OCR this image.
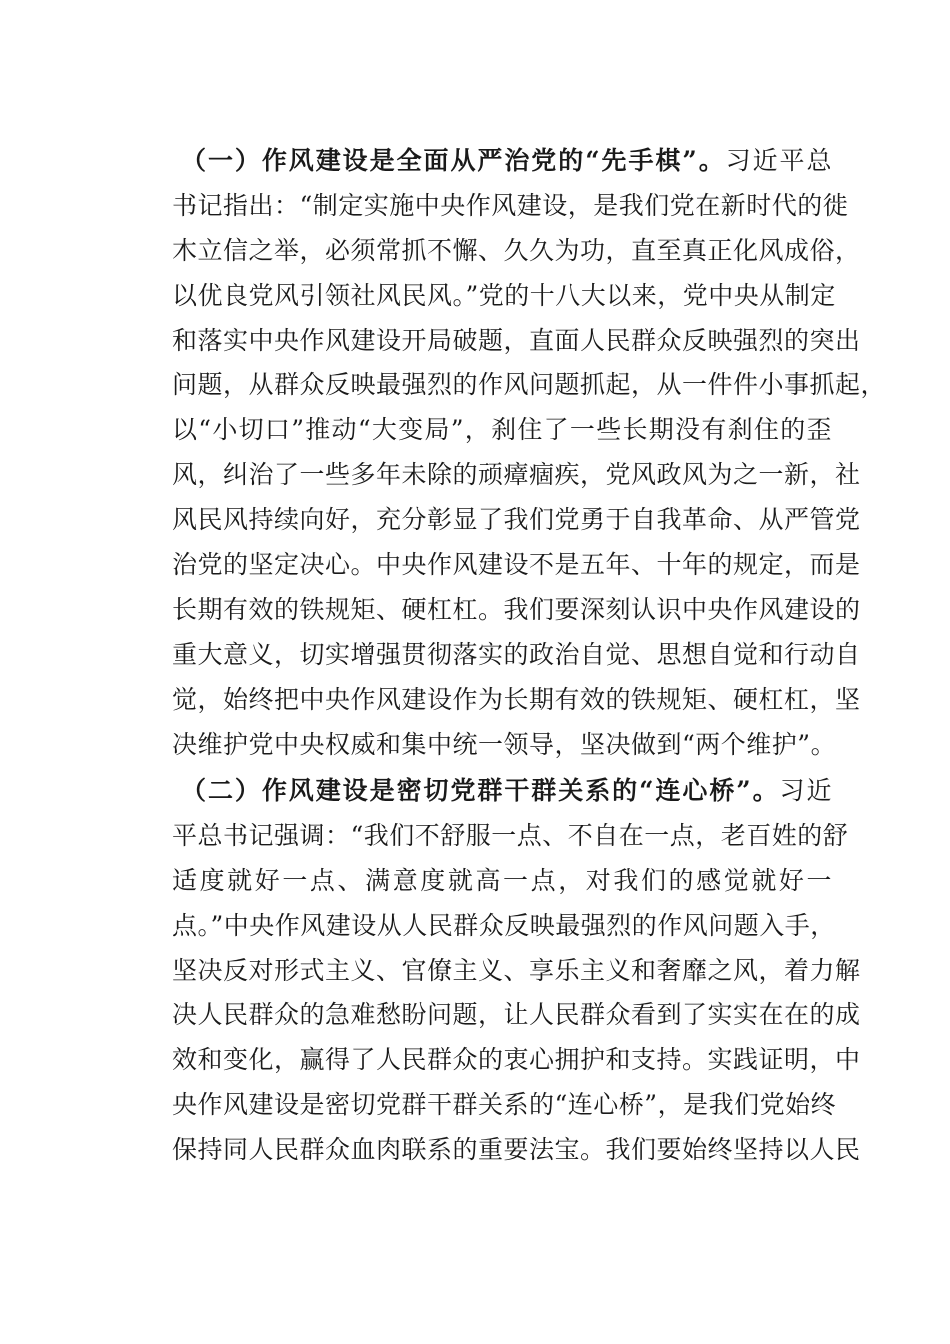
（一）作风建设是全面从严治党的“先手棋”。习近平总
书记指出：“制定实施中央作风建设，是我们党在新时代的徙
木立信之举，必须常抓不懈、久久为功，直至真正化风成俗，
以优良党风引领社风民风。”党的十八大以来，党中央从制定
和落实中央作风建设开局破题，直面人民群众反映强烈的突出
问题，从群众反映最强烈的作风问题抓起，从一件件小事抓起，
以“小切口”推动“大变局”，刹住了一些长期没有刹住的歪
风，纠治了一些多年未除的顽瘴痼疾，党风政风为之一新，社
风民风持续向好，充分彰显了我们党勇于自我革命、从严管党
治党的坚定决心。中央作风建设不是五年、十年的规定，而是
长期有效的铁规矩、硬杠杠。我们要深刻认识中央作风建设的
重大意义，切实增强贯彻落实的政治自觉、思想自觉和行动自
觉，始终把中央作风建设作为长期有效的铁规矩、硬杠杠，坚
决维护党中央权威和集中统一领导，坚决做到“两个维护”。
（二）作风建设是密切党群干群关系的“连心桥”。习近
平总书记强调：“我们不舒服一点、不自在一点，老百姓的舒
适度就好一点、满意度就高一点，对我们的感觉就好一
点。”中央作风建设从人民群众反映最强烈的作风问题入手，
坚决反对形式主义、官僚主义、享乐主义和奢靡之风，着力解
决人民群众的急难愁盼问题，让人民群众看到了实实在在的成
效和变化，赢得了人民群众的衷心拥护和支持。实践证明，中
央作风建设是密切党群干群关系的“连心桥”，是我们党始终
保持同人民群众血肉联系的重要法宝。我们要始终坚持以人民
